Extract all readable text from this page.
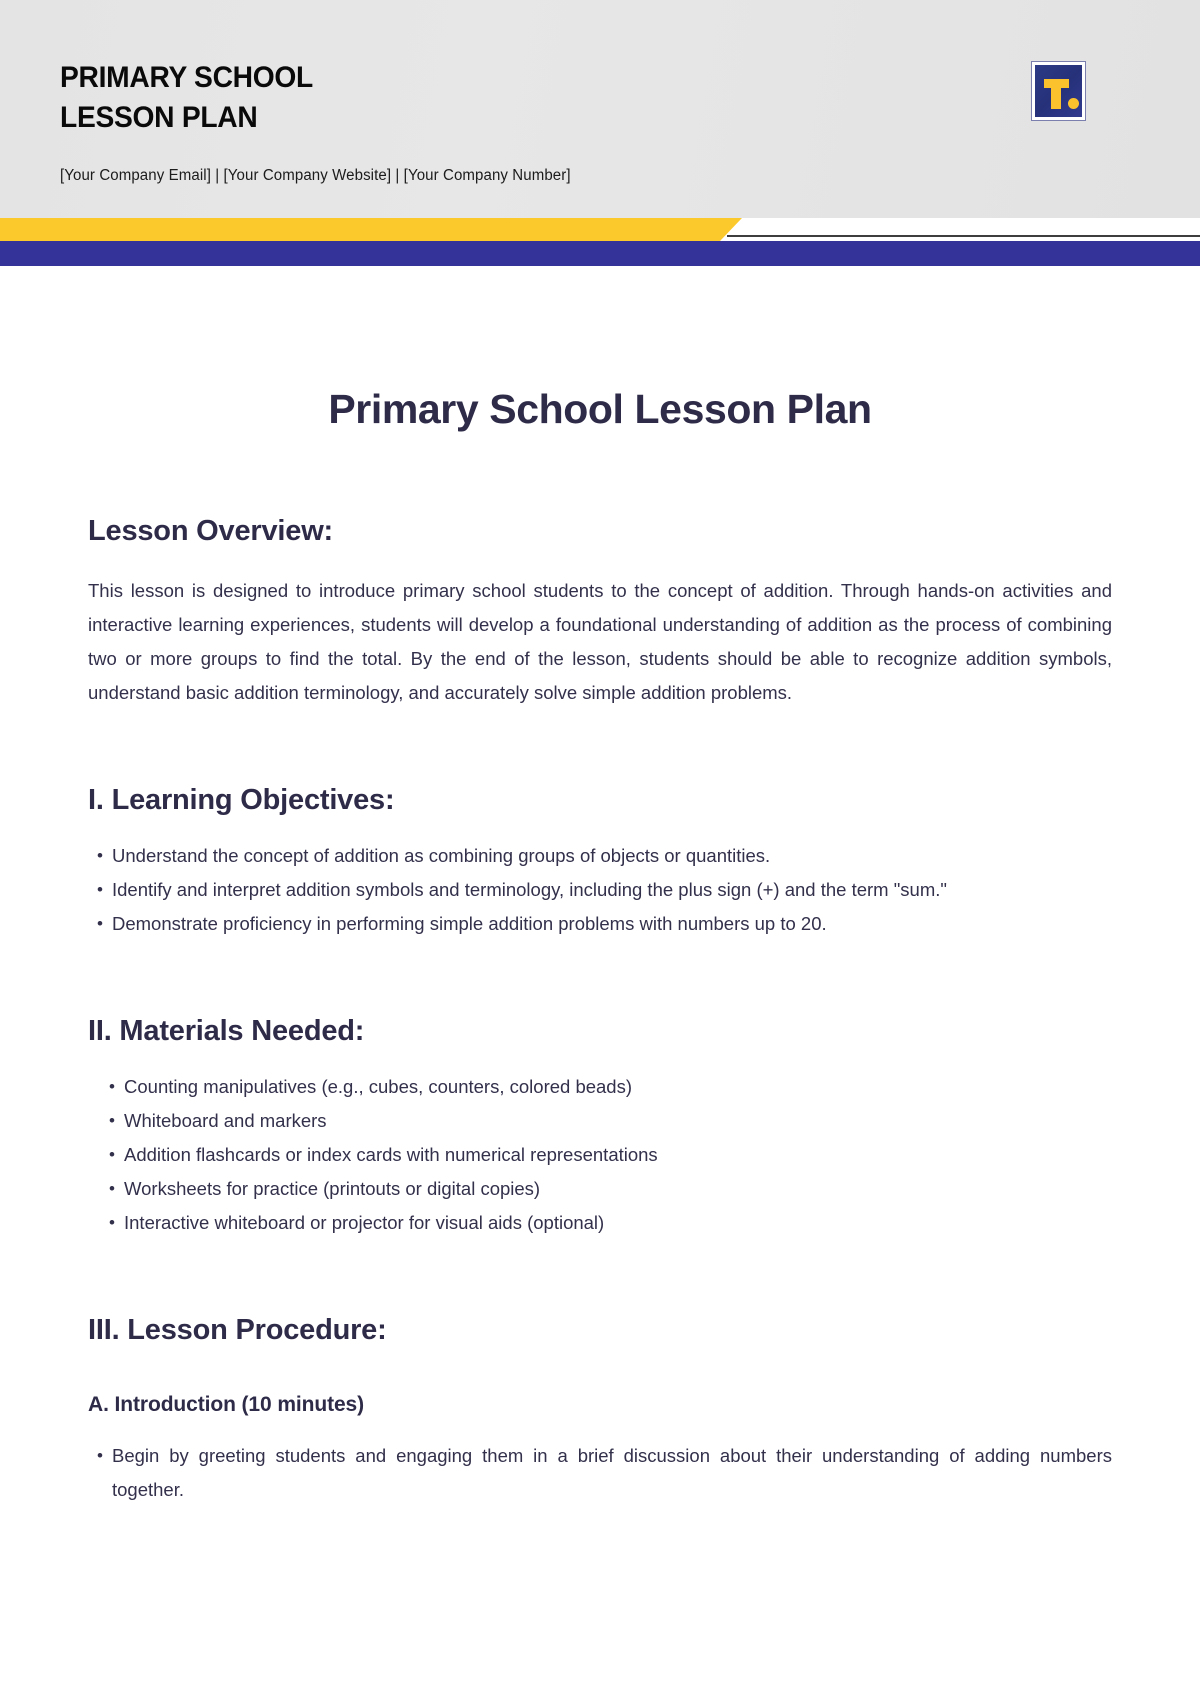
PRIMARY SCHOOL
LESSON PLAN
[Your Company Email] | [Your Company Website] | [Your Company Number]
Primary School Lesson Plan
Lesson Overview:

This lesson is designed to introduce primary school students to the concept of addition. Through hands-on activities and interactive learning experiences, students will develop a foundational understanding of addition as the process of combining two or more groups to find the total. By the end of the lesson, students should be able to recognize addition symbols, understand basic addition terminology, and accurately solve simple addition problems.

I. Learning Objectives:
• Understand the concept of addition as combining groups of objects or quantities.
• Identify and interpret addition symbols and terminology, including the plus sign (+) and the term "sum."
• Demonstrate proficiency in performing simple addition problems with numbers up to 20.
II. Materials Needed:
• Counting manipulatives (e.g., cubes, counters, colored beads)
• Whiteboard and markers
• Addition flashcards or index cards with numerical representations
• Worksheets for practice (printouts or digital copies)
• Interactive whiteboard or projector for visual aids (optional)
III. Lesson Procedure:
A. Introduction (10 minutes)
• Begin by greeting students and engaging them in a brief discussion about their understanding of adding numbers together.
